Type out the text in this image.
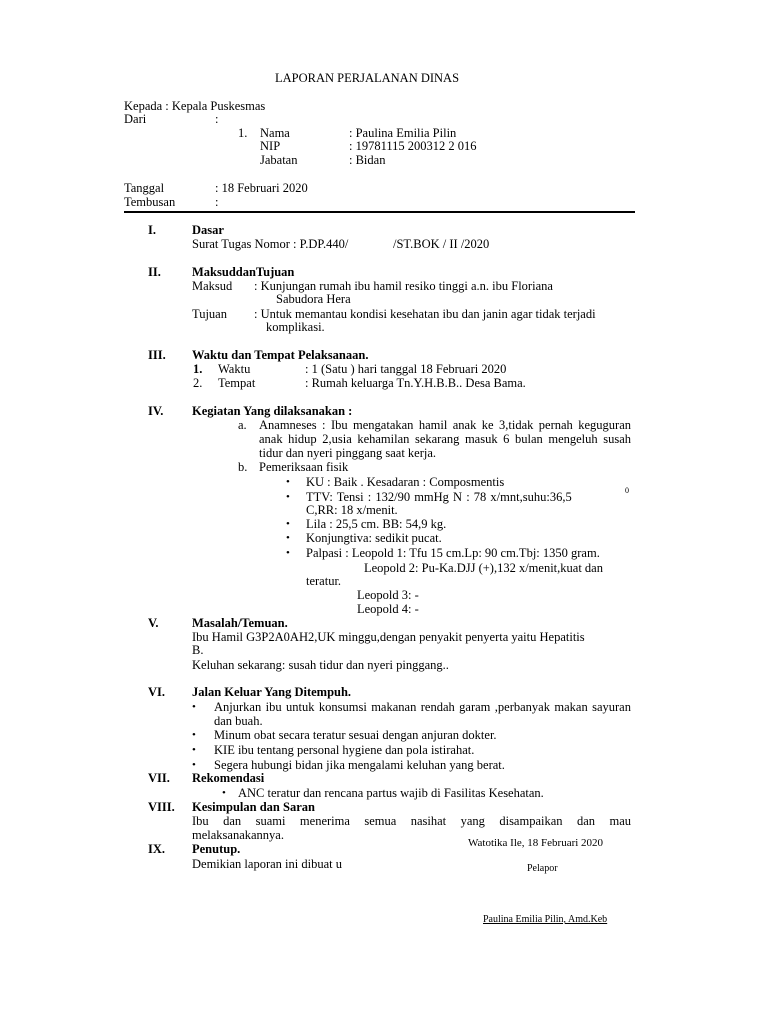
LAPORAN PERJALANAN DINAS
Kepada : Kepala Puskesmas
Dari	:
1. Nama	: Paulina Emilia Pilin
NIP	: 19781115 200312 2 016
Jabatan	: Bidan
Tanggal	: 18 Februari 2020
Tembusan	:
I.	Dasar
Surat Tugas Nomor : P.DP.440/	/ST.BOK / II /2020
II. MaksuddanTujuan
Maksud : Kunjungan rumah ibu hamil resiko tinggi a.n. ibu Floriana
Sabudora Hera
Tujuan : Untuk memantau kondisi kesehatan ibu dan janin agar tidak terjadi
komplikasi.
III. Waktu dan Tempat Pelaksanaan.
1. Waktu	: 1 (Satu ) hari tanggal 18 Februari 2020
2. Tempat	: Rumah keluarga Tn.Y.H.B.B.. Desa Bama.
IV. Kegiatan Yang dilaksanakan :
a. Anamneses : Ibu mengatakan hamil anak ke 3,tidak pernah keguguran anak hidup 2,usia kehamilan sekarang masuk 6 bulan mengeluh susah tidur dan nyeri pinggang saat kerja.
b. Pemeriksaan fisik
• KU : Baik . Kesadaran : Composmentis
• TTV: Tensi : 132/90 mmHg N : 78 x/mnt,suhu:36,5	0
C,RR: 18 x/menit.
• Lila : 25,5 cm. BB: 54,9 kg.
• Konjungtiva: sedikit pucat.
• Palpasi : Leopold 1: Tfu 15 cm.Lp: 90 cm.Tbj: 1350 gram.
Leopold 2: Pu-Ka.DJJ (+),132 x/menit,kuat dan
teratur.
Leopold 3: -
Leopold 4: -
V.	Masalah/Temuan.
Ibu Hamil G3P2A0AH2,UK minggu,dengan penyakit penyerta yaitu Hepatitis
B.
Keluhan sekarang: susah tidur dan nyeri pinggang..
VI. Jalan Keluar Yang Ditempuh.
• Anjurkan ibu untuk konsumsi makanan rendah garam ,perbanyak makan sayuran dan buah.
• Minum obat secara teratur sesuai dengan anjuran dokter.
• KIE ibu tentang personal hygiene dan pola istirahat.
• Segera hubungi bidan jika mengalami keluhan yang berat.
VII. Rekomendasi
• ANC teratur dan rencana partus wajib di Fasilitas Kesehatan.
VIII. Kesimpulan dan Saran
Ibu dan suami menerima semua nasihat yang disampaikan dan mau melaksanakannya.
IX. Penutup.
Demikian laporan ini dibuat u
Watotika Ile, 18 Februari 2020
Pelapor
Paulina Emilia Pilin, Amd.Keb
